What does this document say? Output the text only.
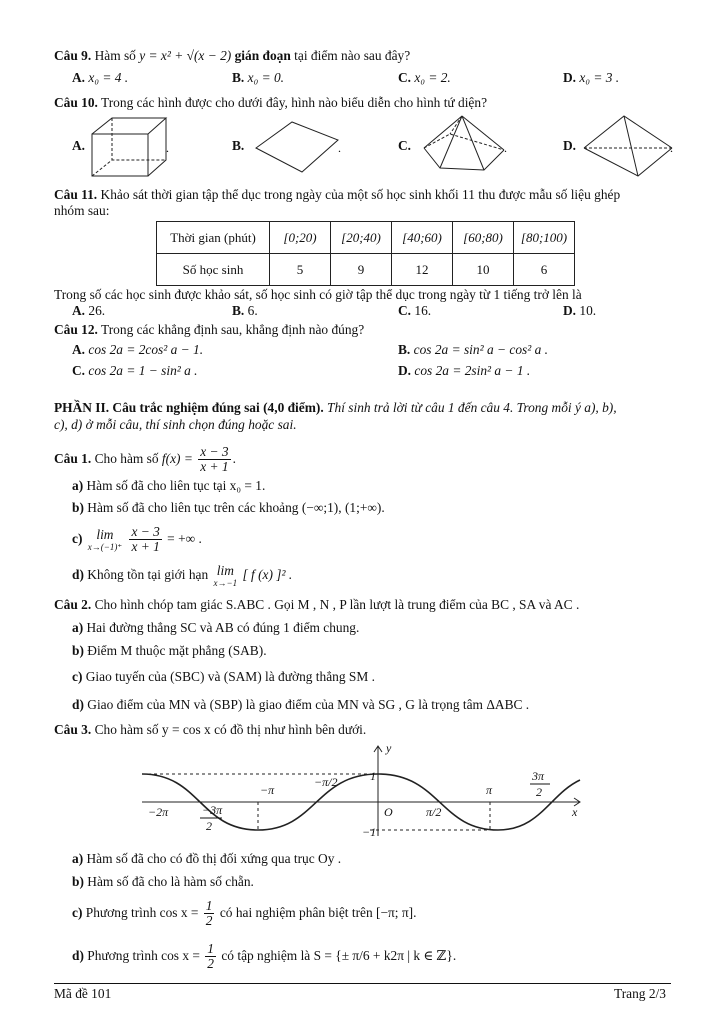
Câu 9. Hàm số y = x² + √(x − 2) gián đoạn tại điểm nào sau đây?
A. x₀ = 4 .	B. x₀ = 0.	C. x₀ = 2.	D. x₀ = 3 .
Câu 10. Trong các hình được cho dưới đây, hình nào biểu diễn cho hình tứ diện?
A.	B.	C.	D.
.	.	.	.
Câu 11. Khảo sát thời gian tập thể dục trong ngày của một số học sinh khối 11 thu được mẫu số liệu ghép
nhóm sau:
Thời gian (phút)	[0;20)	[20;40)	[40;60)	[60;80)	[80;100)
Số học sinh	5	9	12	10	6
Trong số các học sinh được khảo sát, số học sinh có giờ tập thể dục trong ngày từ 1 tiếng trở lên là
A. 26.	B. 6.	C. 16.	D. 10.
Câu 12. Trong các khẳng định sau, khẳng định nào đúng?
A. cos 2a = 2cos² a − 1.	B. cos 2a = sin² a − cos² a .
C. cos 2a = 1 − sin² a .	D. cos 2a = 2sin² a − 1 .
PHẦN II. Câu trắc nghiệm đúng sai (4,0 điểm). Thí sinh trả lời từ câu 1 đến câu 4. Trong mỗi ý a), b),
c), d) ở mỗi câu, thí sinh chọn đúng hoặc sai.
Câu 1. Cho hàm số $f(x) = \frac{x - 3}{x + 1}$ .
a) Hàm số đã cho liên tục tại x₀ = 1.
b) Hàm số đã cho liên tục trên các khoảng (−∞;1), (1;+∞).
c)	lim
x→(−1)⁺
$\frac{x - 3}{x + 1}$ = +∞ .
d) Không tồn tại giới hạn lim
x→−1
[ f (x) ]² .
Câu 2. Cho hình chóp tam giác S.ABC . Gọi M , N , P lần lượt là trung điểm của BC , SA và AC .
a) Hai đường thẳng SC và AB có đúng 1 điểm chung.
b) Điểm M thuộc mặt phẳng (SAB).
c) Giao tuyến của (SBC) và (SAM) là đường thẳng SM .
d) Giao điểm của MN và (SBP) là giao điểm của MN và SG , G là trọng tâm ΔABC .
Câu 3. Cho hàm số y = cos x có đồ thị như hình bên dưới.
y
x
O
−2π	−3π
2
−π
−π/2	1
−1
π/2
π
3π
2
a) Hàm số đã cho có đồ thị đối xứng qua trục Oy .
b) Hàm số đã cho là hàm số chẵn.
c) Phương trình $\cos x = \frac{1}{2}$ có hai nghiệm phân biệt trên [−π; π].
d) Phương trình $\cos x = \frac{1}{2}$ có tập nghiệm là S = {± π/6 + k2π | k ∈ ℤ}.
Mã đề 101	Trang 2/3
